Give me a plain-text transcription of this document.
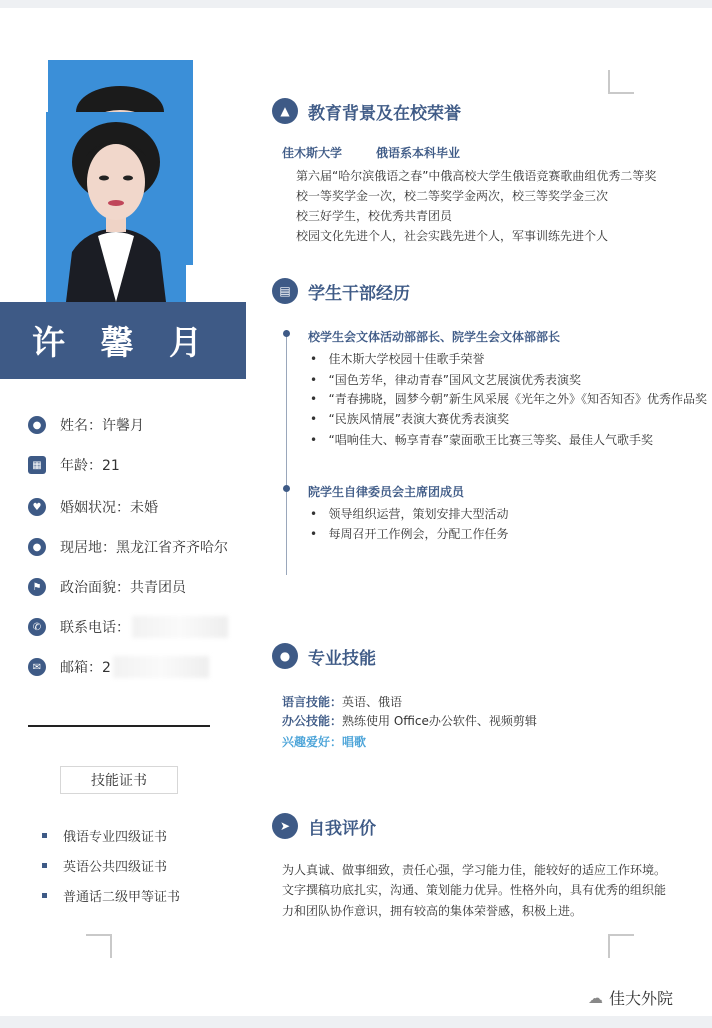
许 馨 月
●	姓名：许馨月
▦	年龄：21
♥	婚姻状况：未婚
●	现居地：黑龙江省齐齐哈尔
⚑	政治面貌：共青团员
✆	联系电话：
✉	邮箱：2
技能证书
俄语专业四级证书
英语公共四级证书
普通话二级甲等证书
▲	教育背景及在校荣誉
佳木斯大学	俄语系本科毕业
第六届“哈尔滨俄语之春”中俄高校大学生俄语竞赛歌曲组优秀二等奖
校一等奖学金一次，校二等奖学金两次，校三等奖学金三次
校三好学生，校优秀共青团员
校园文化先进个人，社会实践先进个人，军事训练先进个人
▤	学生干部经历
校学生会文体活动部部长、院学生会文体部部长
•   佳木斯大学校园十佳歌手荣誉
•   “国色芳华，律动青春”国风文艺展演优秀表演奖
•   “青春拂晓，圆梦今朝”新生风采展《光年之外》《知否知否》优秀作品奖
•   “民族风情展”表演大赛优秀表演奖
•   “唱响佳大、畅享青春”蒙面歌王比赛三等奖、最佳人气歌手奖
院学生自律委员会主席团成员
•   领导组织运营，策划安排大型活动
•   每周召开工作例会，分配工作任务
●	专业技能
语言技能：英语、俄语
办公技能：熟练使用 Office办公软件、视频剪辑
兴趣爱好：唱歌
➤	自我评价
为人真诚、做事细致，责任心强，学习能力佳，能较好的适应工作环境。
文字撰稿功底扎实，沟通、策划能力优异。性格外向，具有优秀的组织能
力和团队协作意识，拥有较高的集体荣誉感，积极上进。
☁ 佳大外院
